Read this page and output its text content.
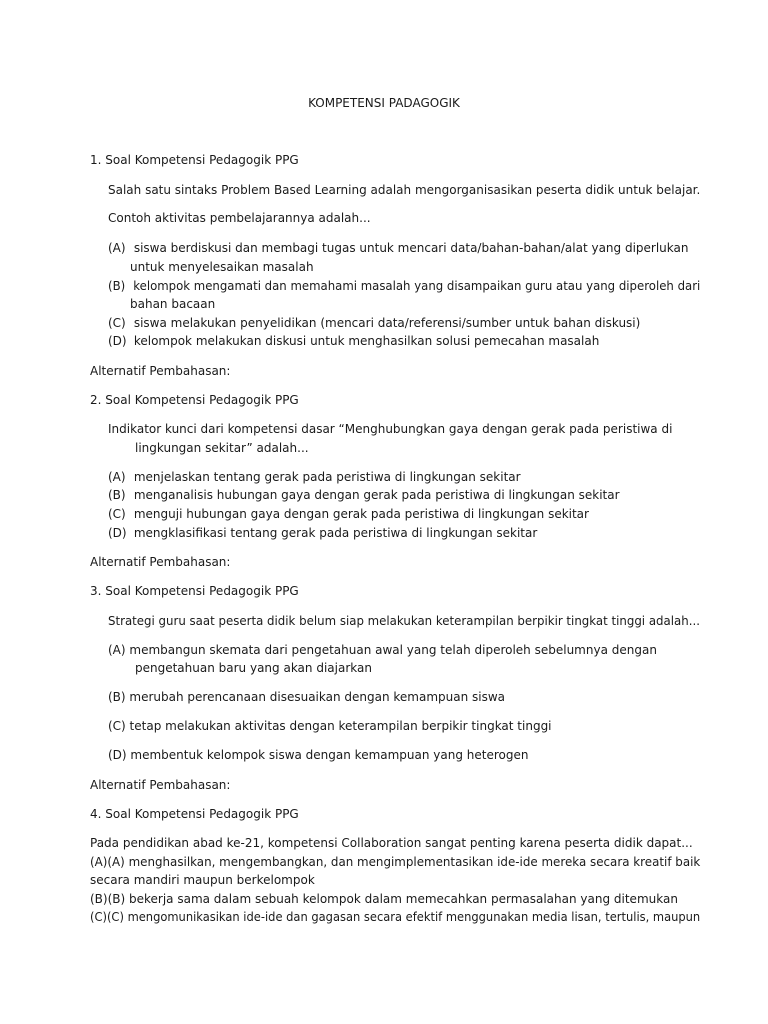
KOMPETENSI PADAGOGIK
1. Soal Kompetensi Pedagogik PPG
Salah satu sintaks Problem Based Learning adalah mengorganisasikan peserta didik untuk belajar.
Contoh aktivitas pembelajarannya adalah...
(A) siswa berdiskusi dan membagi tugas untuk mencari data/bahan-bahan/alat yang diperlukan
untuk menyelesaikan masalah
(B) kelompok mengamati dan memahami masalah yang disampaikan guru atau yang diperoleh dari
bahan bacaan
(C) siswa melakukan penyelidikan (mencari data/referensi/sumber untuk bahan diskusi)
(D) kelompok melakukan diskusi untuk menghasilkan solusi pemecahan masalah
Alternatif Pembahasan:
2. Soal Kompetensi Pedagogik PPG
Indikator kunci dari kompetensi dasar “Menghubungkan gaya dengan gerak pada peristiwa di
lingkungan sekitar” adalah...
(A) menjelaskan tentang gerak pada peristiwa di lingkungan sekitar
(B) menganalisis hubungan gaya dengan gerak pada peristiwa di lingkungan sekitar
(C) menguji hubungan gaya dengan gerak pada peristiwa di lingkungan sekitar
(D) mengklasifikasi tentang gerak pada peristiwa di lingkungan sekitar
Alternatif Pembahasan:
3. Soal Kompetensi Pedagogik PPG
Strategi guru saat peserta didik belum siap melakukan keterampilan berpikir tingkat tinggi adalah...
(A) membangun skemata dari pengetahuan awal yang telah diperoleh sebelumnya dengan
pengetahuan baru yang akan diajarkan
(B) merubah perencanaan disesuaikan dengan kemampuan siswa
(C) tetap melakukan aktivitas dengan keterampilan berpikir tingkat tinggi
(D) membentuk kelompok siswa dengan kemampuan yang heterogen
Alternatif Pembahasan:
4. Soal Kompetensi Pedagogik PPG
Pada pendidikan abad ke-21, kompetensi Collaboration sangat penting karena peserta didik dapat...
(A)(A) menghasilkan, mengembangkan, dan mengimplementasikan ide-ide mereka secara kreatif baik
secara mandiri maupun berkelompok
(B)(B) bekerja sama dalam sebuah kelompok dalam memecahkan permasalahan yang ditemukan
(C)(C) mengomunikasikan ide-ide dan gagasan secara efektif menggunakan media lisan, tertulis, maupun
